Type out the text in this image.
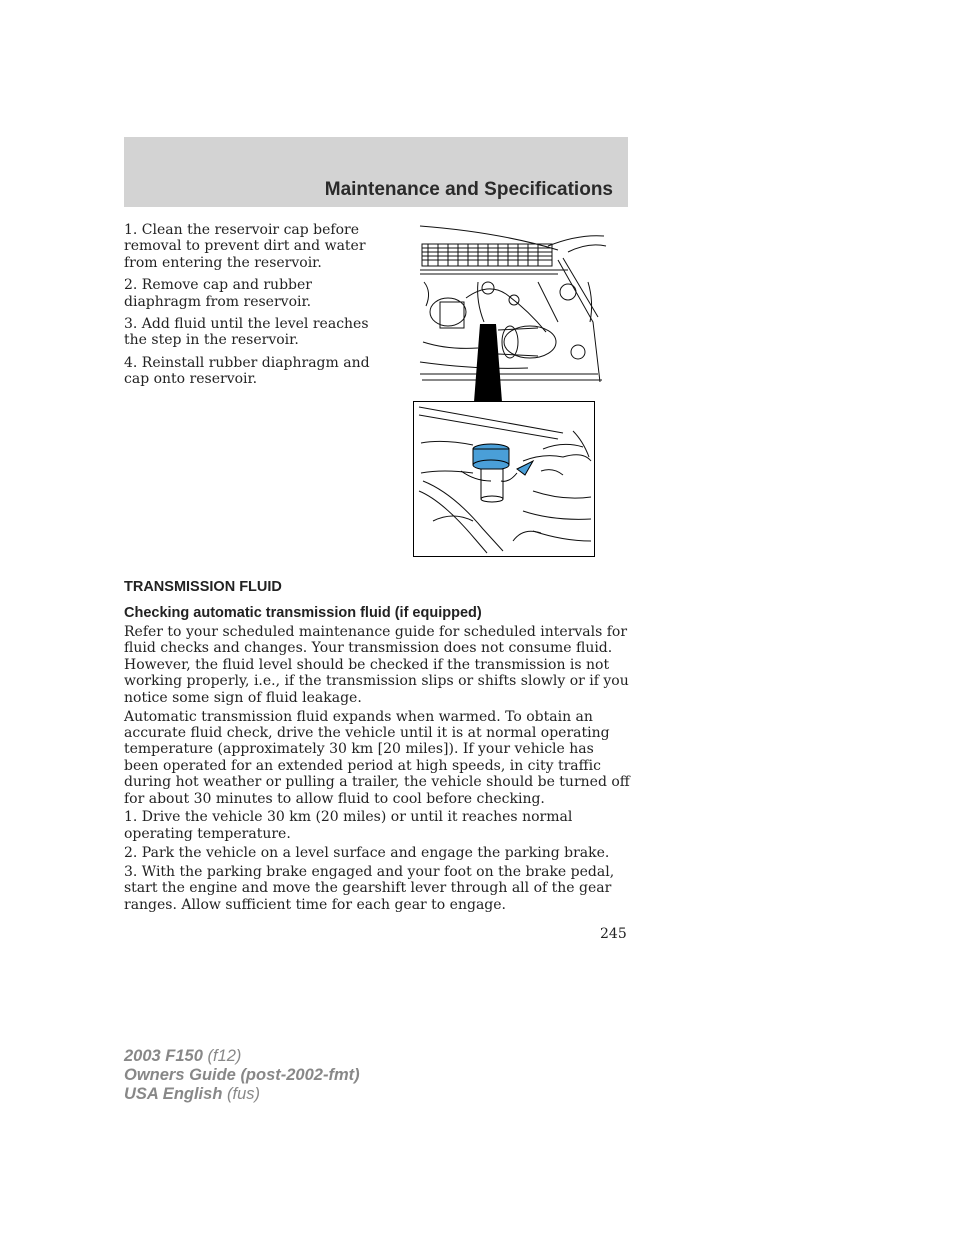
Maintenance and Specifications

1. Clean the reservoir cap before removal to prevent dirt and water from entering the reservoir.

2. Remove cap and rubber diaphragm from reservoir.

3. Add fluid until the level reaches the step in the reservoir.

4. Reinstall rubber diaphragm and cap onto reservoir.

TRANSMISSION FLUID
Checking automatic transmission fluid (if equipped)

Refer to your scheduled maintenance guide for scheduled intervals for fluid checks and changes. Your transmission does not consume fluid. However, the fluid level should be checked if the transmission is not working properly, i.e., if the transmission slips or shifts slowly or if you notice some sign of fluid leakage.

Automatic transmission fluid expands when warmed. To obtain an accurate fluid check, drive the vehicle until it is at normal operating temperature (approximately 30 km [20 miles]). If your vehicle has been operated for an extended period at high speeds, in city traffic during hot weather or pulling a trailer, the vehicle should be turned off for about 30 minutes to allow fluid to cool before checking.

1. Drive the vehicle 30 km (20 miles) or until it reaches normal operating temperature.

2. Park the vehicle on a level surface and engage the parking brake.

3. With the parking brake engaged and your foot on the brake pedal, start the engine and move the gearshift lever through all of the gear ranges. Allow sufficient time for each gear to engage.

245
2003 F150 (f12)
Owners Guide (post-2002-fmt)
USA English (fus)
